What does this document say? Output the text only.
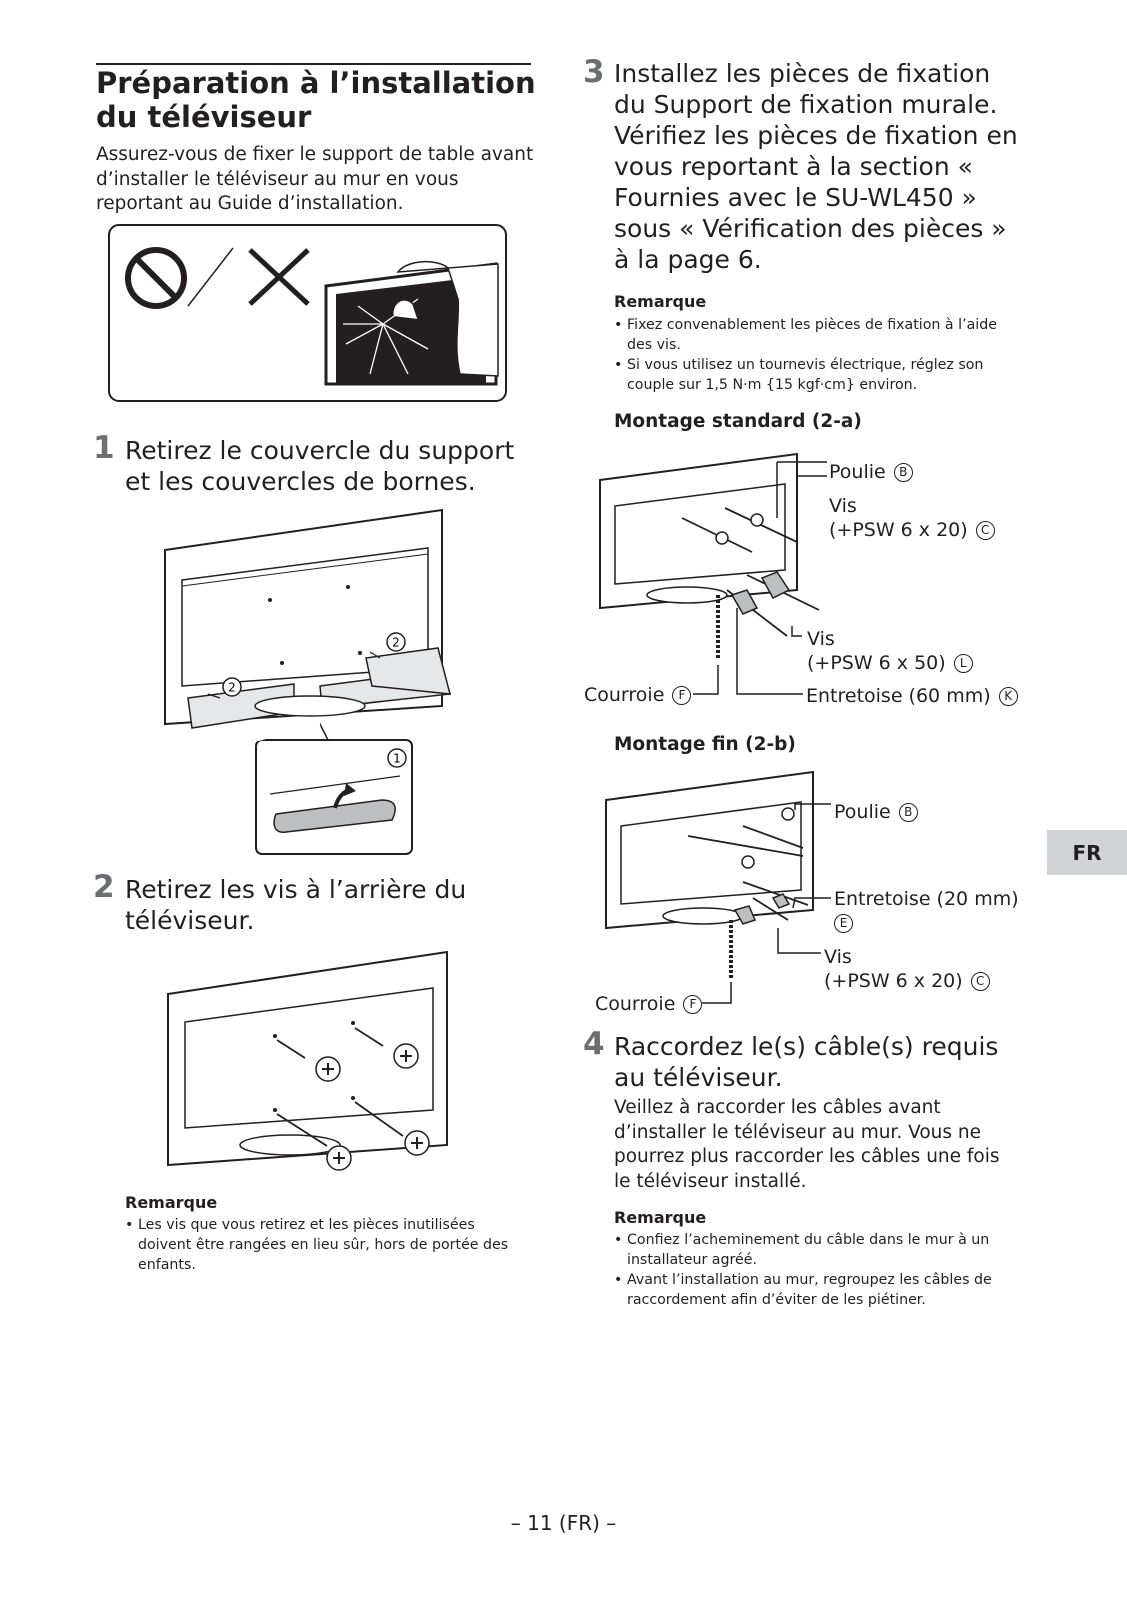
Préparation à l’installation du téléviseur
Assurez-vous de fixer le support de table avant d’installer le téléviseur au mur en vous reportant au Guide d’installation.
1 Retirez le couvercle du support et les couvercles de bornes.
2
2
1
2 Retirez les vis à l’arrière du téléviseur.
Remarque
• Les vis que vous retirez et les pièces inutilisées doivent être rangées en lieu sûr, hors de portée des enfants.
3 Installez les pièces de fixation du Support de fixation murale. Vérifiez les pièces de fixation en vous reportant à la section « Fournies avec le SU-WL450 » sous « Vérification des pièces » à la page 6.
Remarque
• Fixez convenablement les pièces de fixation à l’aide des vis.
• Si vous utilisez un tournevis électrique, réglez son couple sur 1,5 N·m {15 kgf·cm} environ.
Montage standard (2-a)
Poulie B
Vis
(+PSW 6 x 20) C
Vis
(+PSW 6 x 50) L
Courroie F	Entretoise (60 mm) K
Montage fin (2-b)
Poulie B
Entretoise (20 mm)
E
Vis
(+PSW 6 x 20) C
Courroie F
4 Raccordez le(s) câble(s) requis au téléviseur.
Veillez à raccorder les câbles avant d’installer le téléviseur au mur. Vous ne pourrez plus raccorder les câbles une fois le téléviseur installé.
Remarque
• Confiez l’acheminement du câble dans le mur à un installateur agréé.
• Avant l’installation au mur, regroupez les câbles de raccordement afin d’éviter de les piétiner.
FR
– 11 (FR) –
